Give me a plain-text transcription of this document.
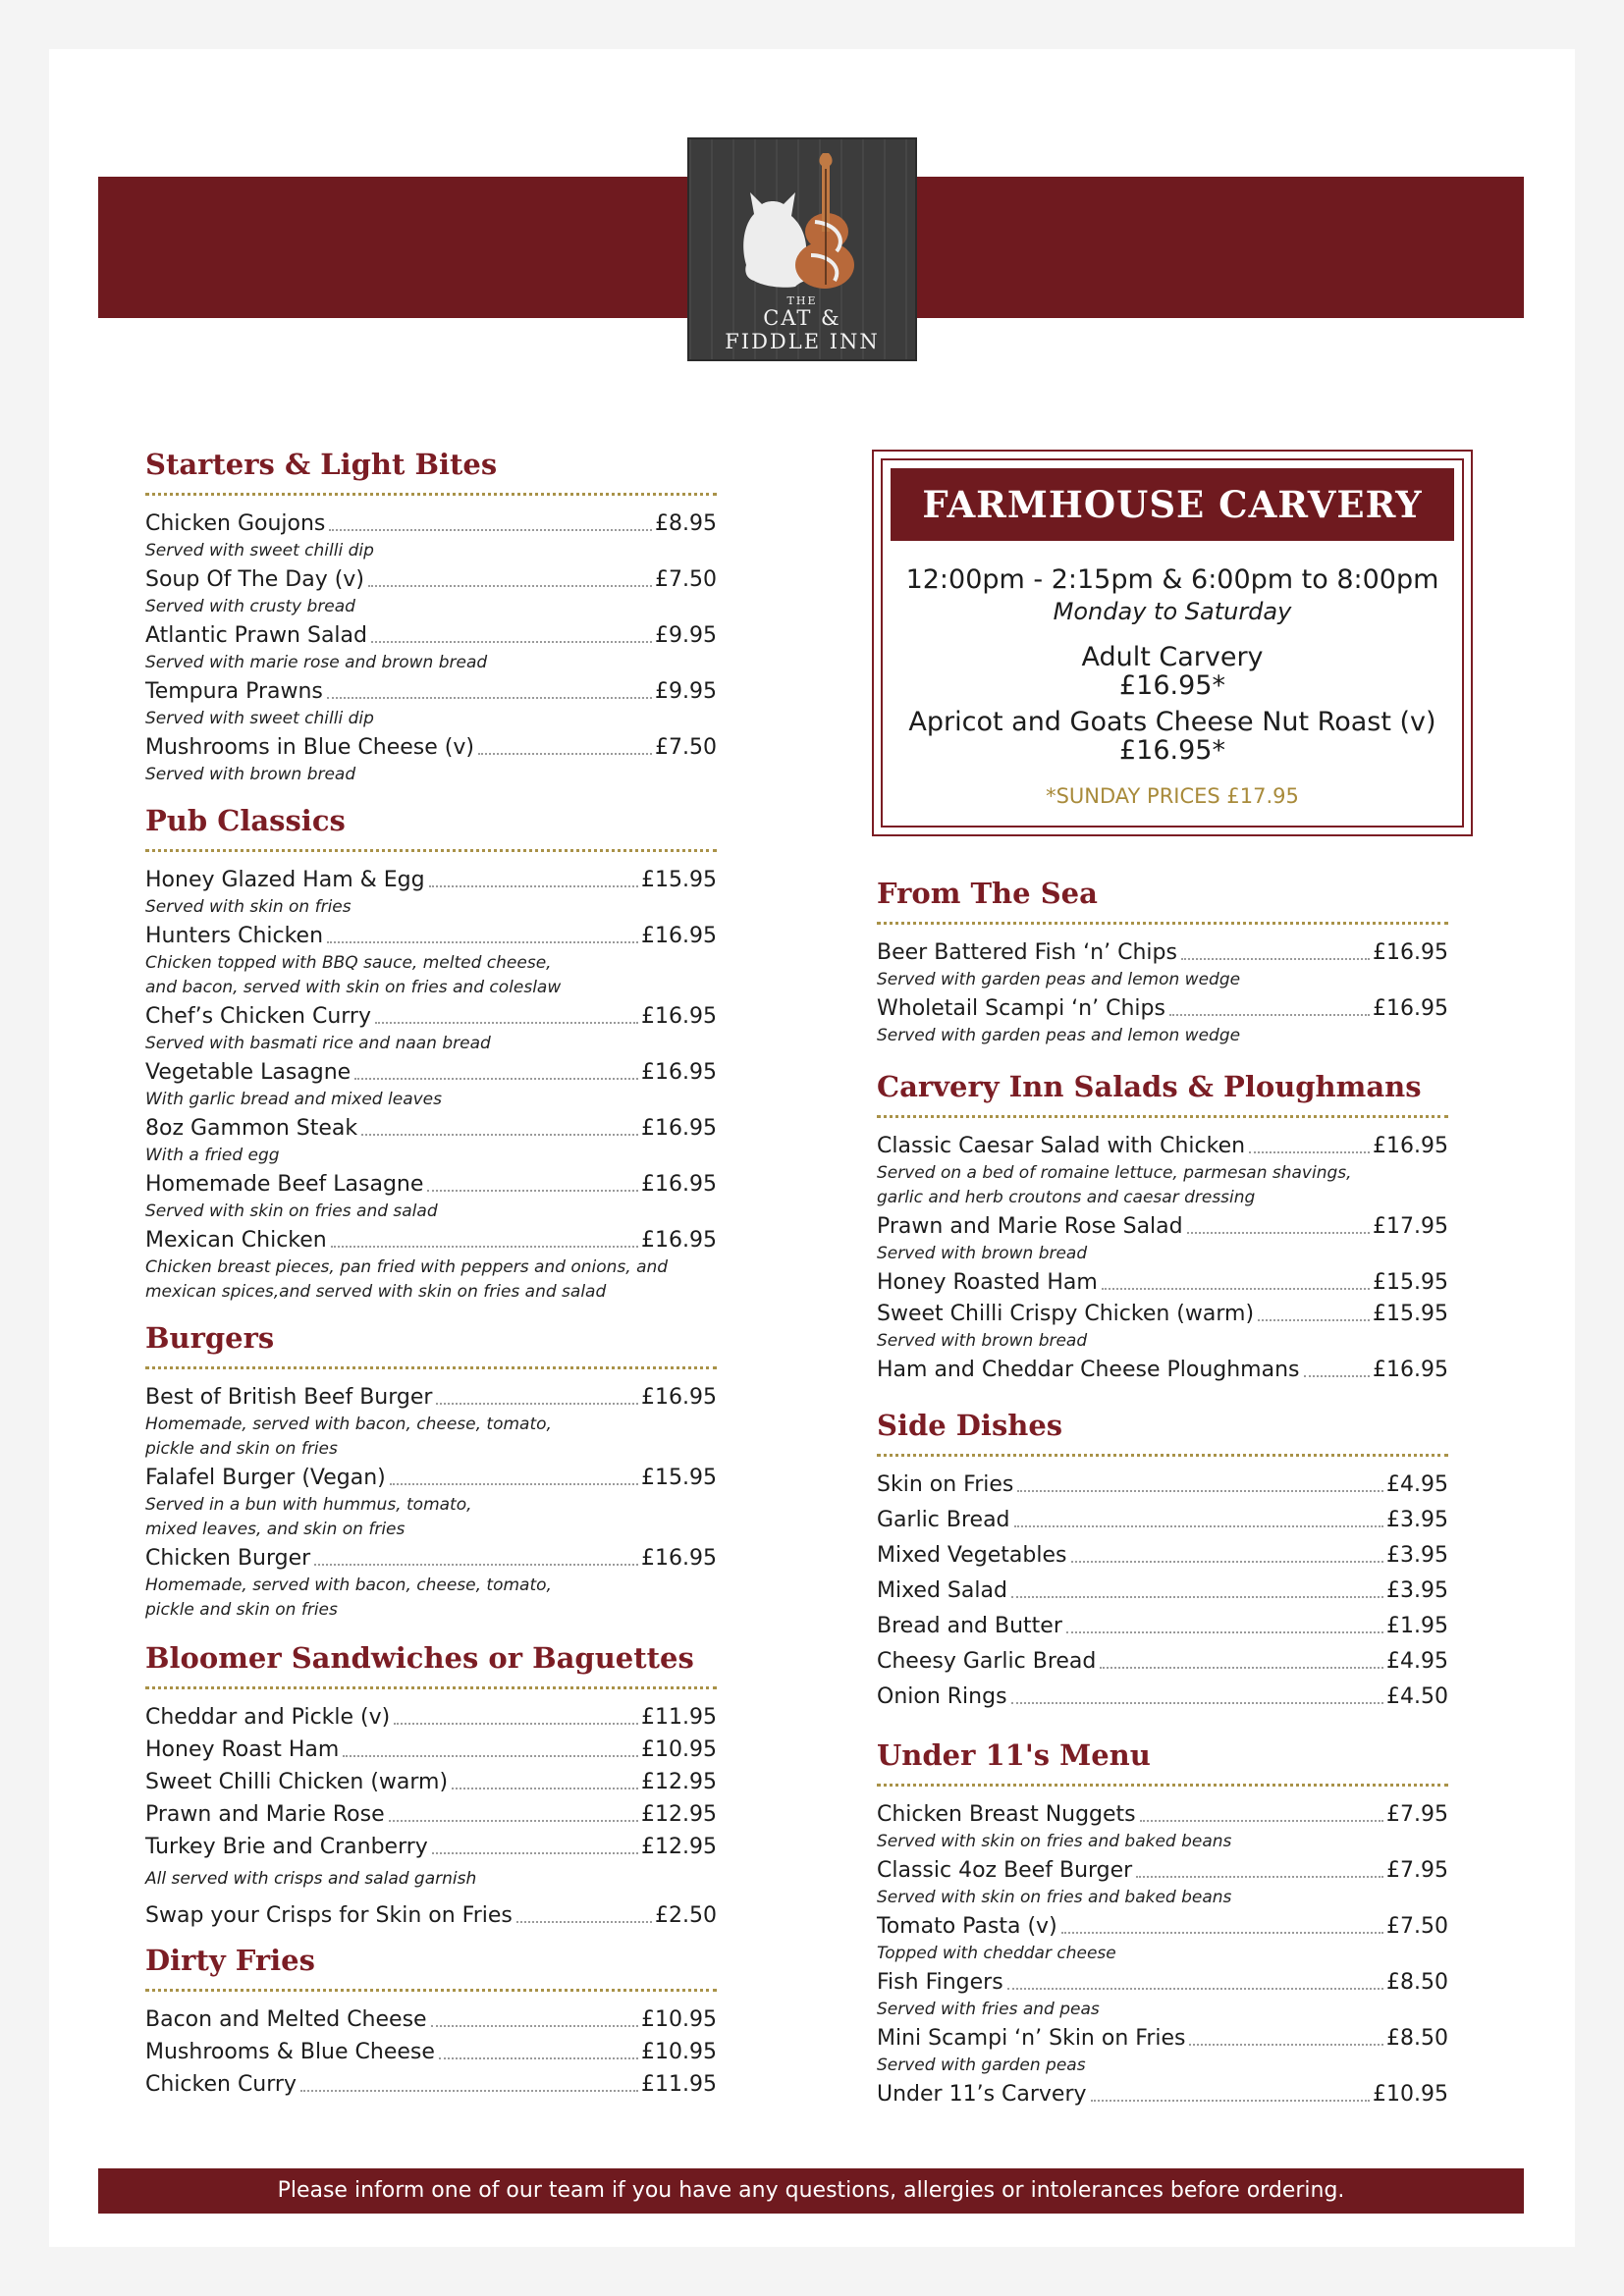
THE
CAT &
FIDDLE INN
Starters & Light Bites
Chicken Goujons	£8.95
Served with sweet chilli dip
Soup Of The Day (v)	£7.50
Served with crusty bread
Atlantic Prawn Salad	£9.95
Served with marie rose and brown bread
Tempura Prawns	£9.95
Served with sweet chilli dip
Mushrooms in Blue Cheese (v)	£7.50
Served with brown bread
Pub Classics
Honey Glazed Ham & Egg	£15.95
Served with skin on fries
Hunters Chicken	£16.95
Chicken topped with BBQ sauce, melted cheese,
and bacon, served with skin on fries and coleslaw
Chef’s Chicken Curry	£16.95
Served with basmati rice and naan bread
Vegetable Lasagne	£16.95
With garlic bread and mixed leaves
8oz Gammon Steak	£16.95
With a fried egg
Homemade Beef Lasagne	£16.95
Served with skin on fries and salad
Mexican Chicken	£16.95
Chicken breast pieces, pan fried with peppers and onions, and
mexican spices,and served with skin on fries and salad
Burgers
Best of British Beef Burger	£16.95
Homemade, served with bacon, cheese, tomato,
pickle and skin on fries
Falafel Burger (Vegan)	£15.95
Served in a bun with hummus, tomato,
mixed leaves, and skin on fries
Chicken Burger	£16.95
Homemade, served with bacon, cheese, tomato,
pickle and skin on fries
Bloomer Sandwiches or Baguettes
Cheddar and Pickle (v)	£11.95
Honey Roast Ham	£10.95
Sweet Chilli Chicken (warm)	£12.95
Prawn and Marie Rose	£12.95
Turkey Brie and Cranberry	£12.95
All served with crisps and salad garnish
Swap your Crisps for Skin on Fries	£2.50
Dirty Fries
Bacon and Melted Cheese	£10.95
Mushrooms & Blue Cheese	£10.95
Chicken Curry	£11.95
From The Sea
Beer Battered Fish ‘n’ Chips	£16.95
Served with garden peas and lemon wedge
Wholetail Scampi ‘n’ Chips	£16.95
Served with garden peas and lemon wedge
Carvery Inn Salads & Ploughmans
Classic Caesar Salad with Chicken	£16.95
Served on a bed of romaine lettuce, parmesan shavings,
garlic and herb croutons and caesar dressing
Prawn and Marie Rose Salad	£17.95
Served with brown bread
Honey Roasted Ham	£15.95
Sweet Chilli Crispy Chicken (warm)	£15.95
Served with brown bread
Ham and Cheddar Cheese Ploughmans	£16.95
Side Dishes
Skin on Fries	£4.95
Garlic Bread	£3.95
Mixed Vegetables	£3.95
Mixed Salad	£3.95
Bread and Butter	£1.95
Cheesy Garlic Bread	£4.95
Onion Rings	£4.50
Under 11's Menu
Chicken Breast Nuggets	£7.95
Served with skin on fries and baked beans
Classic 4oz Beef Burger	£7.95
Served with skin on fries and baked beans
Tomato Pasta (v)	£7.50
Topped with cheddar cheese
Fish Fingers	£8.50
Served with fries and peas
Mini Scampi ‘n’ Skin on Fries	£8.50
Served with garden peas
Under 11’s Carvery	£10.95
FARMHOUSE CARVERY
12:00pm - 2:15pm & 6:00pm to 8:00pm
Monday to Saturday
Adult Carvery
£16.95*
Apricot and Goats Cheese Nut Roast (v)
£16.95*
*SUNDAY PRICES £17.95
Please inform one of our team if you have any questions, allergies or intolerances before ordering.
